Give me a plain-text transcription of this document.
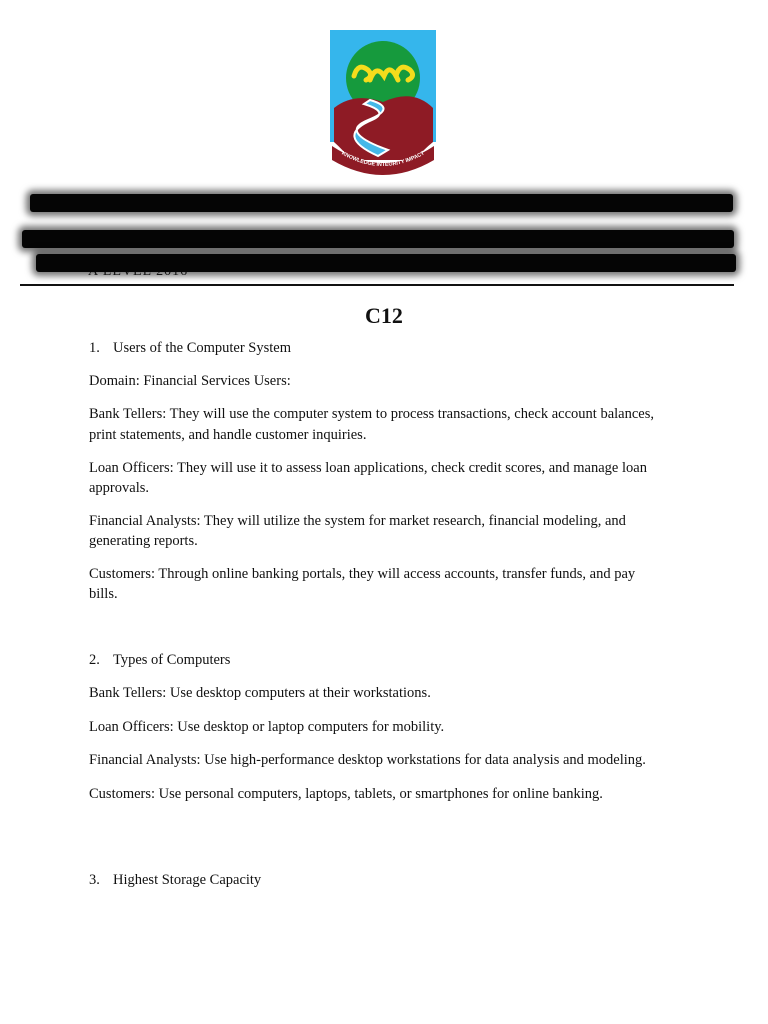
KNOWLEDGE INTEGRITY IMPACT
C12

1. Users of the Computer System

Domain: Financial Services Users:

Bank Tellers: They will use the computer system to process transactions, check account balances,

print statements, and handle customer inquiries.

Loan Officers: They will use it to assess loan applications, check credit scores, and manage loan

approvals.

Financial Analysts: They will utilize the system for market research, financial modeling, and

generating reports.

Customers: Through online banking portals, they will access accounts, transfer funds, and pay

bills.

2. Types of Computers

Bank Tellers: Use desktop computers at their workstations.

Loan Officers: Use desktop or laptop computers for mobility.

Financial Analysts: Use high-performance desktop workstations for data analysis and modeling.

Customers: Use personal computers, laptops, tablets, or smartphones for online banking.

3. Highest Storage Capacity
